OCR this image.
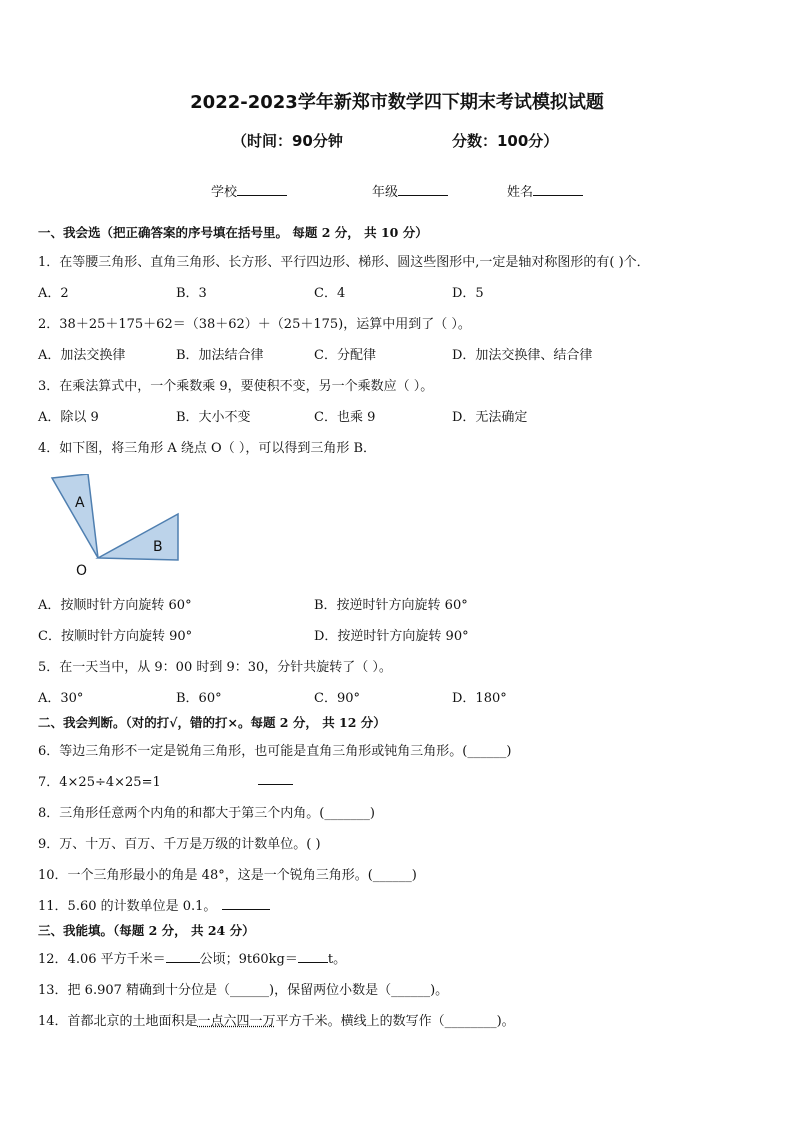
2022-2023学年新郑市数学四下期末考试模拟试题
（时间：90分钟	分数：100分）
学校	年级	姓名
一、我会选（把正确答案的序号填在括号里。 每题 2 分， 共 10 分）
1．在等腰三角形、直角三角形、长方形、平行四边形、梯形、圆这些图形中,一定是轴对称图形的有( )个．
A．2	B．3	C．4	D．5
2．38＋25＋175＋62＝（38＋62）＋（25＋175)，运算中用到了（ ）。
A．加法交换律	B．加法结合律	C．分配律	D．加法交换律、结合律
3．在乘法算式中，一个乘数乘 9，要使积不变，另一个乘数应（ ）。
A．除以 9	B．大小不变	C．也乘 9	D．无法确定
4．如下图，将三角形 A 绕点 O（ ），可以得到三角形 B．
A
B
O
A．按顺时针方向旋转 60°	B．按逆时针方向旋转 60°
C．按顺时针方向旋转 90°	D．按逆时针方向旋转 90°
5．在一天当中，从 9：00 时到 9：30，分针共旋转了（ ）。
A．30°	B．60°	C．90°	D．180°
二、我会判断。（对的打√，错的打×。每题 2 分， 共 12 分）
6．等边三角形不一定是锐角三角形，也可能是直角三角形或钝角三角形。(______)
7．4×25÷4×25=1
8．三角形任意两个内角的和都大于第三个内角。(_______)
9．万、十万、百万、千万是万级的计数单位。( )
10．一个三角形最小的角是 48°，这是一个锐角三角形。(______)
11．5.60 的计数单位是 0.1。
三、我能填。（每题 2 分， 共 24 分）
12．4.06 平方千米＝	公顷；9t60kg＝ t。
13．把 6.907 精确到十分位是（______)，保留两位小数是（______)。
14．首都北京的土地面积是一点六四一万平方千米。横线上的数写作（________)。
